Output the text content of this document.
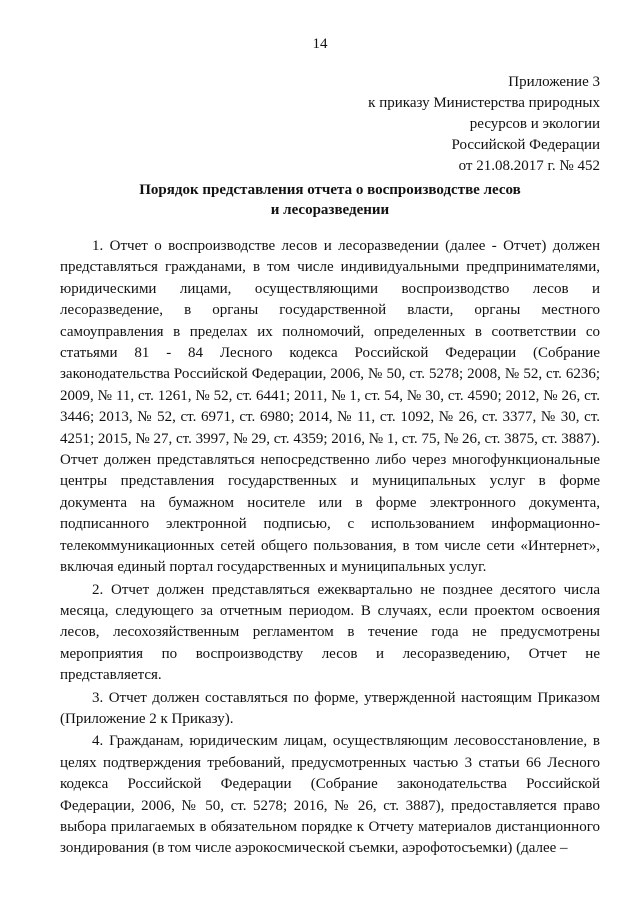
14
Приложение 3
к приказу Министерства природных
ресурсов и экологии
Российской Федерации
от 21.08.2017 г. № 452
Порядок представления отчета о воспроизводстве лесов
и лесоразведении

1. Отчет о воспроизводстве лесов и лесоразведении (далее - Отчет) должен представляться гражданами, в том числе индивидуальными предпринимателями, юридическими лицами, осуществляющими воспроизводство лесов и лесоразведение, в органы государственной власти, органы местного самоуправления в пределах их полномочий, определенных в соответствии со статьями 81 - 84 Лесного кодекса Российской Федерации (Собрание законодательства Российской Федерации, 2006, № 50, ст. 5278; 2008, № 52, ст. 6236; 2009, № 11, ст. 1261, № 52, ст. 6441; 2011, № 1, ст. 54, № 30, ст. 4590; 2012, № 26, ст. 3446; 2013, № 52, ст. 6971, ст. 6980; 2014, № 11, ст. 1092, № 26, ст. 3377, № 30, ст. 4251; 2015, № 27, ст. 3997, № 29, ст. 4359; 2016, № 1, ст. 75, № 26, ст. 3875, ст. 3887). Отчет должен представляться непосредственно либо через многофункциональные центры представления государственных и муниципальных услуг в форме документа на бумажном носителе или в форме электронного документа, подписанного электронной подписью, с использованием информационно-телекоммуникационных сетей общего пользования, в том числе сети «Интернет», включая единый портал государственных и муниципальных услуг.

2. Отчет должен представляться ежеквартально не позднее десятого числа месяца, следующего за отчетным периодом. В случаях, если проектом освоения лесов, лесохозяйственным регламентом в течение года не предусмотрены мероприятия по воспроизводству лесов и лесоразведению, Отчет не представляется.

3. Отчет должен составляться по форме, утвержденной настоящим Приказом (Приложение 2 к Приказу).

4. Гражданам, юридическим лицам, осуществляющим лесовосстановление, в целях подтверждения требований, предусмотренных частью 3 статьи 66 Лесного кодекса Российской Федерации (Собрание законодательства Российской Федерации, 2006, № 50, ст. 5278; 2016, № 26, ст. 3887), предоставляется право выбора прилагаемых в обязательном порядке к Отчету материалов дистанционного зондирования (в том числе аэрокосмической съемки, аэрофотосъемки) (далее –
